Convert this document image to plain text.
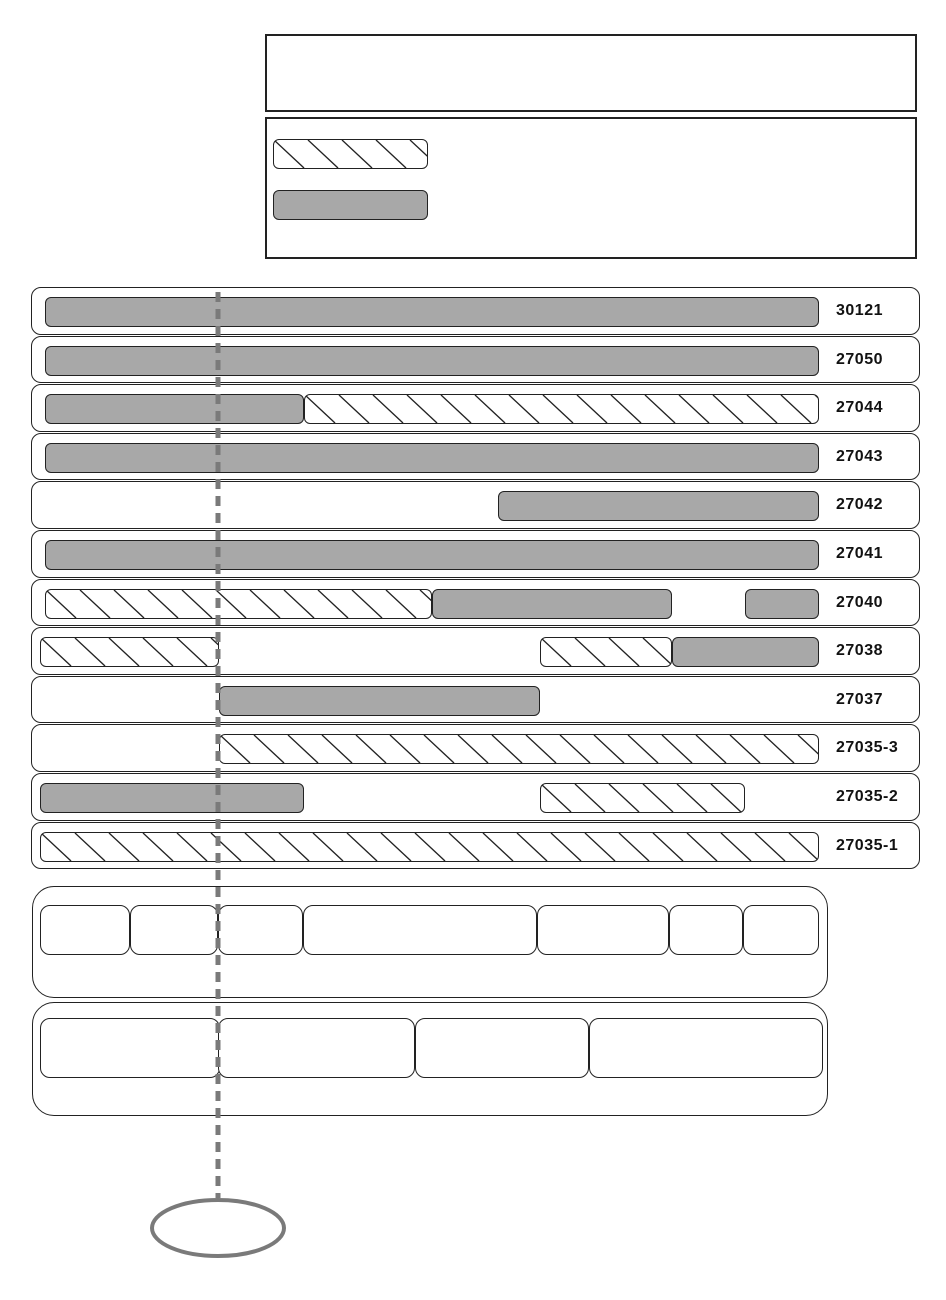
30121
27050
27044
27043
27042
27041
27040
27038
27037
27035-3
27035-2
27035-1
